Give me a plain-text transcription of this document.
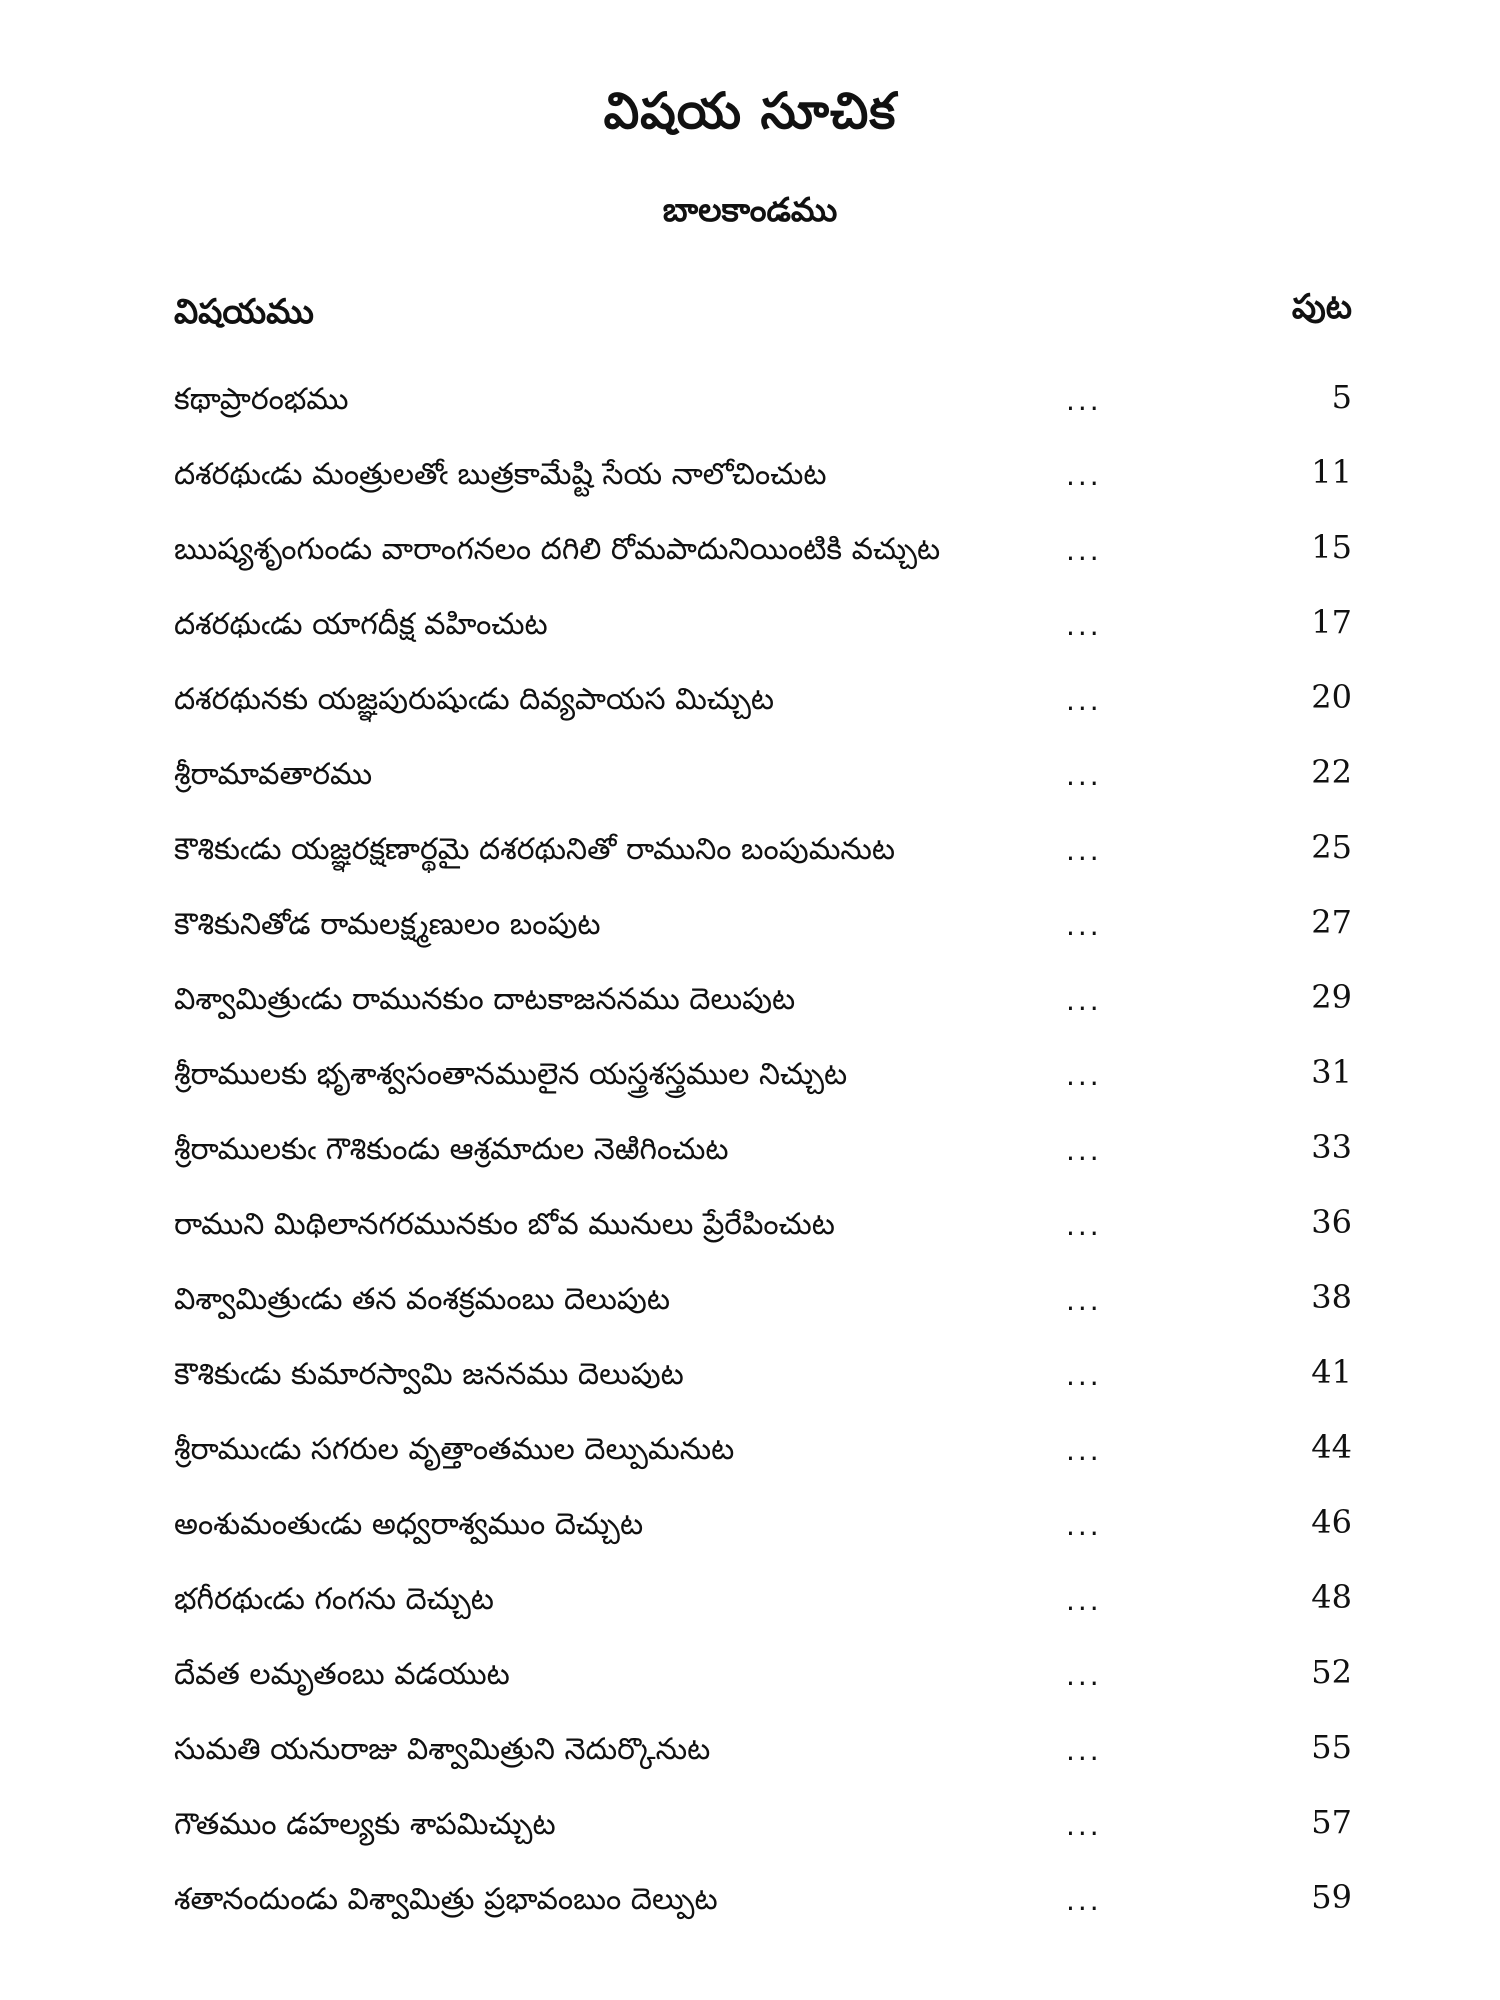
విషయ సూచిక
బాలకాండము
విషయము	పుట
కథాప్రారంభము	...	5
దశరథుఁడు మంత్రులతోఁ బుత్రకామేష్టి సేయ నాలోచించుట	...	11
ఋష్యశృంగుండు వారాంగనలం దగిలి రోమపాదునియింటికి వచ్చుట	...	15
దశరథుఁడు యాగదీక్ష వహించుట	...	17
దశరథునకు యజ్ఞపురుషుఁడు దివ్యపాయస మిచ్చుట	...	20
శ్రీరామావతారము	...	22
కౌశికుఁడు యజ్ఞరక్షణార్థమై దశరథునితో రామునిం బంపుమనుట	...	25
కౌశికునితోడ రామలక్ష్మణులం బంపుట	...	27
విశ్వామిత్రుఁడు రామునకుం దాటకాజననము దెలుపుట	...	29
శ్రీరాములకు భృశాశ్వసంతానములైన యస్త్రశస్త్రముల నిచ్చుట	...	31
శ్రీరాములకుఁ గౌశికుండు ఆశ్రమాదుల నెఱిగించుట	...	33
రాముని మిథిలానగరమునకుం బోవ మునులు ప్రేరేపించుట	...	36
విశ్వామిత్రుఁడు తన వంశక్రమంబు దెలుపుట	...	38
కౌశికుఁడు కుమారస్వామి జననము దెలుపుట	...	41
శ్రీరాముఁడు సగరుల వృత్తాంతముల దెల్పుమనుట	...	44
అంశుమంతుఁడు అధ్వరాశ్వముం దెచ్చుట	...	46
భగీరథుఁడు గంగను దెచ్చుట	...	48
దేవత లమృతంబు వడయుట	...	52
సుమతి యనురాజు విశ్వామిత్రుని నెదుర్కొనుట	...	55
గౌతముం డహల్యకు శాపమిచ్చుట	...	57
శతానందుండు విశ్వామిత్రు ప్రభావంబుం దెల్పుట	...	59
